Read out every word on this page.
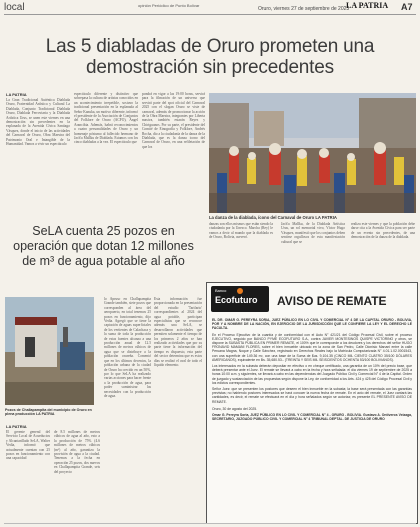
local	opinión Periódico de Punto Bolívar
Oruro, viernes 27 de septiembre de 2023
LA PATRIA A7
Las 5 diabladas de Oruro prometen una demostración sin precedentes
LA PATRIA
La Gran Tradicional Auténtica Diablada Oruro, Fraternidad Artística y Cultural La Diablada, Conjunto Tradicional Diablada Oruro, Diablada Ferroviaria y la Diablada Artística Urus, se unen este viernes en una demostración sin precedentes en la explanada de la Avenida Cívica Santiago Vásquez, donde el inicio de las actividades del Carnaval de Oruro, Obra Maestra del Patrimonio Oral e Intangible de la Humanidad. Vamos a vivir un espectáculo
espectáculo diferente y distintivo que sobrepasa la cultura de artistas conocidos en un acontecimiento irrepetible, sostuvo la tradicional presentación en la esplanada al Señor Kanuka, un motivo diferente, informó el presidente de la Asociación de Conjuntos del Folklore de Oruro (ACFO), Ángel Arancibia. Además, habrá reconocimientos a cuatro personalidades de Oruro y un homenaje póstumo al fallecido hermano de Jach'a Mallku de Diablada. Estamos con los cinco diabladas a la vez. El espectáculo que
pondrá en vigor a las 19:00 horas, servirá para la filmación de un universo que servirá parte del spot oficial del Carnaval 2025 con el slogan Oruro se viste de carnaval, además de promocionar la acción de la Obra Maestra, integrantes por Liberta masiva, también estarán Reyes y Chiriguanos. Por su parte, el presidente del Comité de Etnografía y Folklore, Andrés Rocha, dio a la ciudadanía de la danza de la Diablada, que es la danza icono del Carnaval de Oruro, en una refiletación de que los
La danza de la diablada, ícono del Carnaval de Oruro LA PATRIA
danzas son ellos mismos que están siendo la ciudadanía por la Unesco. Marcha (Rey) le vamos a decir al mundo que la diablada es de Oruro, Bolivia, aseveró.
Jach'a Mallku, de la Diablada Artística Urus, un rol memorial vivo, Víctor Hugo Vásquez, manifestó que los conjuntos deben sentirse orgullosos de esta manifestación cultural que se
realiza este viernes y que la población debe darse cita a la Avenida Cívica para ser parte de un evento sin precedentes, de una demostración de la danza de la diablada.
SeLA cuenta 25 pozos en operación que dotan 12 millones de m³ de agua potable al año
Pozos de Challapampita del municipio de Oruro en plena producción LA PATRIA
LA PATRIA
El gerente general del Servicio Local de Acueductos y Alcantarillado SeLA, Walter Vedia, informó que actualmente cuentan con 25 pozos en funcionamiento con una capacidad
de 8.5 millones de metros cúbicos de agua al año, esto a la producción de 75% (4.6 millones de metros cúbicos (m³) al año, garantiza la provisión de agua a la ciudad. Tenemos a la fecha en operación 25 pozos, dos nuevos en Challapampita Grande, seis del proyecto
lo Apruso en Challapampita Grande también, siete pozos que corresponden al área del aeropuerto, en total tenemos 25 pozos en funcionamiento, dijo Vedia. Agregó que se tiene la captación de aguas superficiales de los vertientes de Calachaca y la suma de toda la producción de estas fuentes alcanza a una producción anual de 12.5 millones de metros cúbicos de agua que se distribuye a la población orureña. Comentó que en los últimos decenios, la población urbana de la ciudad de Oruro ha crecido en un 50%, por lo que SeLA ha realizado varias acciones para hacer frente a la producción de agua, para poder suministrar las necesidades con la producción de agua.
Esta información fue proporcionada en la presentación del estudio 'Tarifario' correspondientes al 2024 del agua potable, participan especialistas que se reconoce además una SeLA, se desarrollaron actividades que permiten solamente el tiempo de los primeros 2 años se han realizado actividades que por su parte tiene la información del tiempo es dispuesto, esta parte del sector determina que es estos días se realizó el aval de todo el líquido elemento.
Banco
Ecofuturo AVISO DE REMATE
EL DR. OMAR G. PEREYRA SORIA, JUEZ PÚBLICO EN LO CIVIL Y COMERCIAL N° 4 DE LA CAPITAL ORURO - BOLIVIA, POR Y A NOMBRE DE LA NACIÓN, EN EJERCICIO DE LA JURISDICCIÓN QUE LE CONFIERE LA LEY Y EL DERECHO LE FACULTA.
En el Proceso Ejecutivo de la cuantía y de conformidad con el Auto N° 421/21 del Código Procesal Civil, sobre el proceso EJECUTIVO, seguido por BANCO PYME ECOFUTURO S.A., contra JAVIER MONTESINOS QUISPE VICTORINO y otros, se dispone la SUBASTA PÚBLICA EN PRIMER REMATE, el 100% que le corresponde a los deudores y los derechos del señor HUGO FRONAVID MAMANI FLORES, sobre el bien inmueble ubicado en la zona de San Pedro, Calle Dionisio Manani entre la calle Peruana Magna, Noque y Calle Sánchez, registrado en Derechos Reales bajo la Matrícula Computarizada N° 4.01.1.02.0001543, con una superficie de 149.36 m², con una base de la Suma de $us. 9,104.35 (CINCO MIL CIENTO CUATRO 35/100 DÓLARES AMERICANOS), equivalente en Bs. 35,680.53.- (TREINTA Y SEIS MIL SEISCIENTOS OCHENTA 53/100 BOLIVIANOS).
Los interesados en la subasta deberán depositar en efectivo o en cheque certificado, una garantía de un 10% del precio base, que deberá presentar ante el Juez. El remate se llevará a cabo en la fecha y hora señalada: el día viernes 19 de septiembre de 2025 a horas 10:00 a.m. y siguientes, se llevará a cabo en las dependencias del Juzgado Público Civil y Comercial N° 4 de la Capital. Orden de juzgado y sustanciación de las propuestas según dispone la Ley, de conformidad a los Arts. 424 y 425 del Código Procesal Civil y los edictos correspondientes.
Señor Juez: que se presenten los postores que deseen el bien inmueble en la subasta; la base será presentada con las garantías previstas; no habiendo postores interesados se hará conocer la nueva fecha de remate. En el acto del remate, el Juez cantará las cantidades, es decir, el remate se efectuará en el día y hora señalados según se autoriza; es presente EL PRESENTE AVISO DE REMATE.
Oruro, 30 de agosto del 2025.
Omar G. Pereyra Soria, JUEZ PÚBLICO EN LO CIVIL Y COMERCIAL N° 4 - ORURO - BOLIVIA. Gustavo A. Ontiveros Veizaga, SECRETARIO, JUZGADO PÚBLICO CIVIL Y COMERCIAL N° 4 TRIBUNAL DEPTAL. DE JUSTICIA DE ORURO
